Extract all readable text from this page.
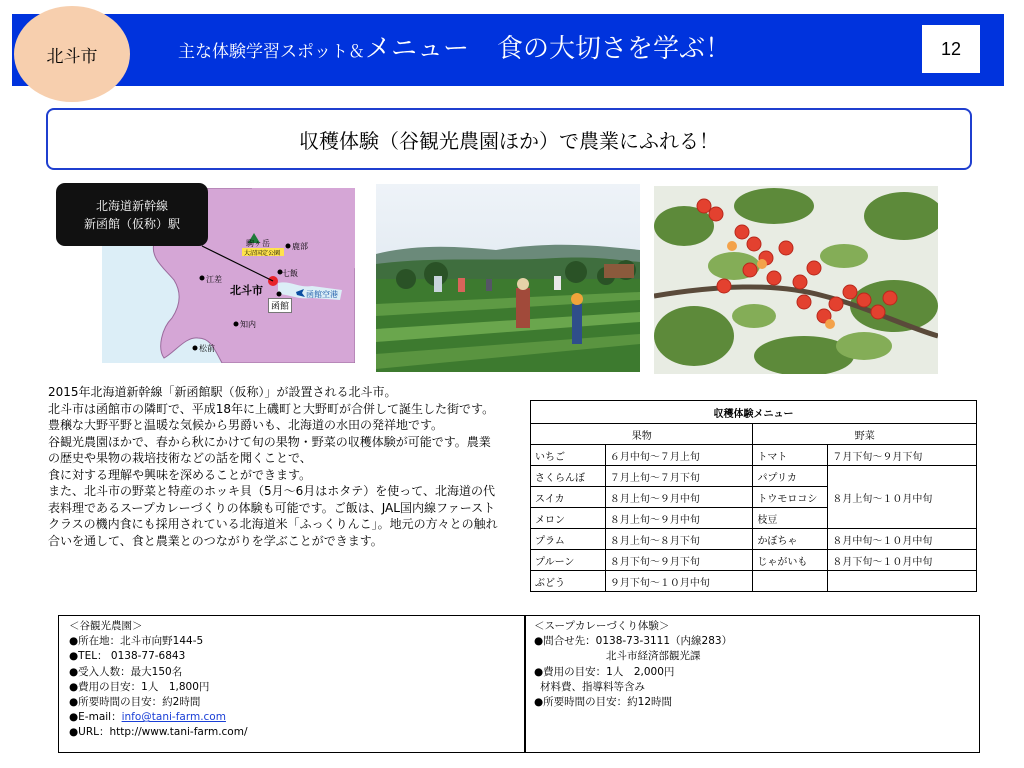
主な体験学習スポット＆メニュー 食の大切さを学ぶ！
北斗市	12
収穫体験（谷観光農園ほか）で農業にふれる！
駒ヶ岳
大沼国定公園
鹿部
江差
七飯
北斗市
函館
函館空港
知内
松前
北海道新幹線
新函館（仮称）駅

2015年北海道新幹線「新函館駅（仮称）」が設置される北斗市。

北斗市は函館市の隣町で、平成18年に上磯町と大野町が合併して誕生した街です。豊穣な大野平野と温暖な気候から男爵いも、北海道の水田の発祥地です。

谷観光農園ほかで、春から秋にかけて旬の果物・野菜の収穫体験が可能です。農業の歴史や果物の栽培技術などの話を聞くことで、

食に対する理解や興味を深めることができます。

また、北斗市の野菜と特産のホッキ貝（5月～6月はホタテ）を使って、北海道の代表料理であるスープカレーづくりの体験も可能です。ご飯は、JAL国内線ファーストクラスの機内食にも採用されている北海道米「ふっくりんこ」。地元の方々との触れ合いを通して、食と農業とのつながりを学ぶことができます。

収穫体験メニュー			
果物		野菜	
いちご	６月中旬～７月上旬	トマト	７月下旬～９月下旬
さくらんぼ	７月上旬～７月下旬	パプリカ	８月上旬～１０月中旬
スイカ	８月上旬～９月中旬	トウモロコシ	
メロン	８月上旬～９月中旬	枝豆	
プラム	８月上旬～８月下旬	かぼちゃ	８月中旬～１０月中旬
プルーン	８月下旬～９月下旬	じゃがいも	８月下旬～１０月中旬
ぶどう	９月下旬～１０月中旬		
＜谷観光農園＞
●所在地：北斗市向野144-5
●TEL： 0138-77-6843
●受入人数：最大150名
●費用の目安：1人　1,800円
●所要時間の目安：約2時間
●E-mail：info@tani-farm.com
●URL：http://www.tani-farm.com/
＜スープカレーづくり体験＞
●問合せ先：0138-73-3111（内線283）
北斗市経済部観光課
●費用の目安：1人　2,000円
材料費、指導料等含み
●所要時間の目安：約12時間
